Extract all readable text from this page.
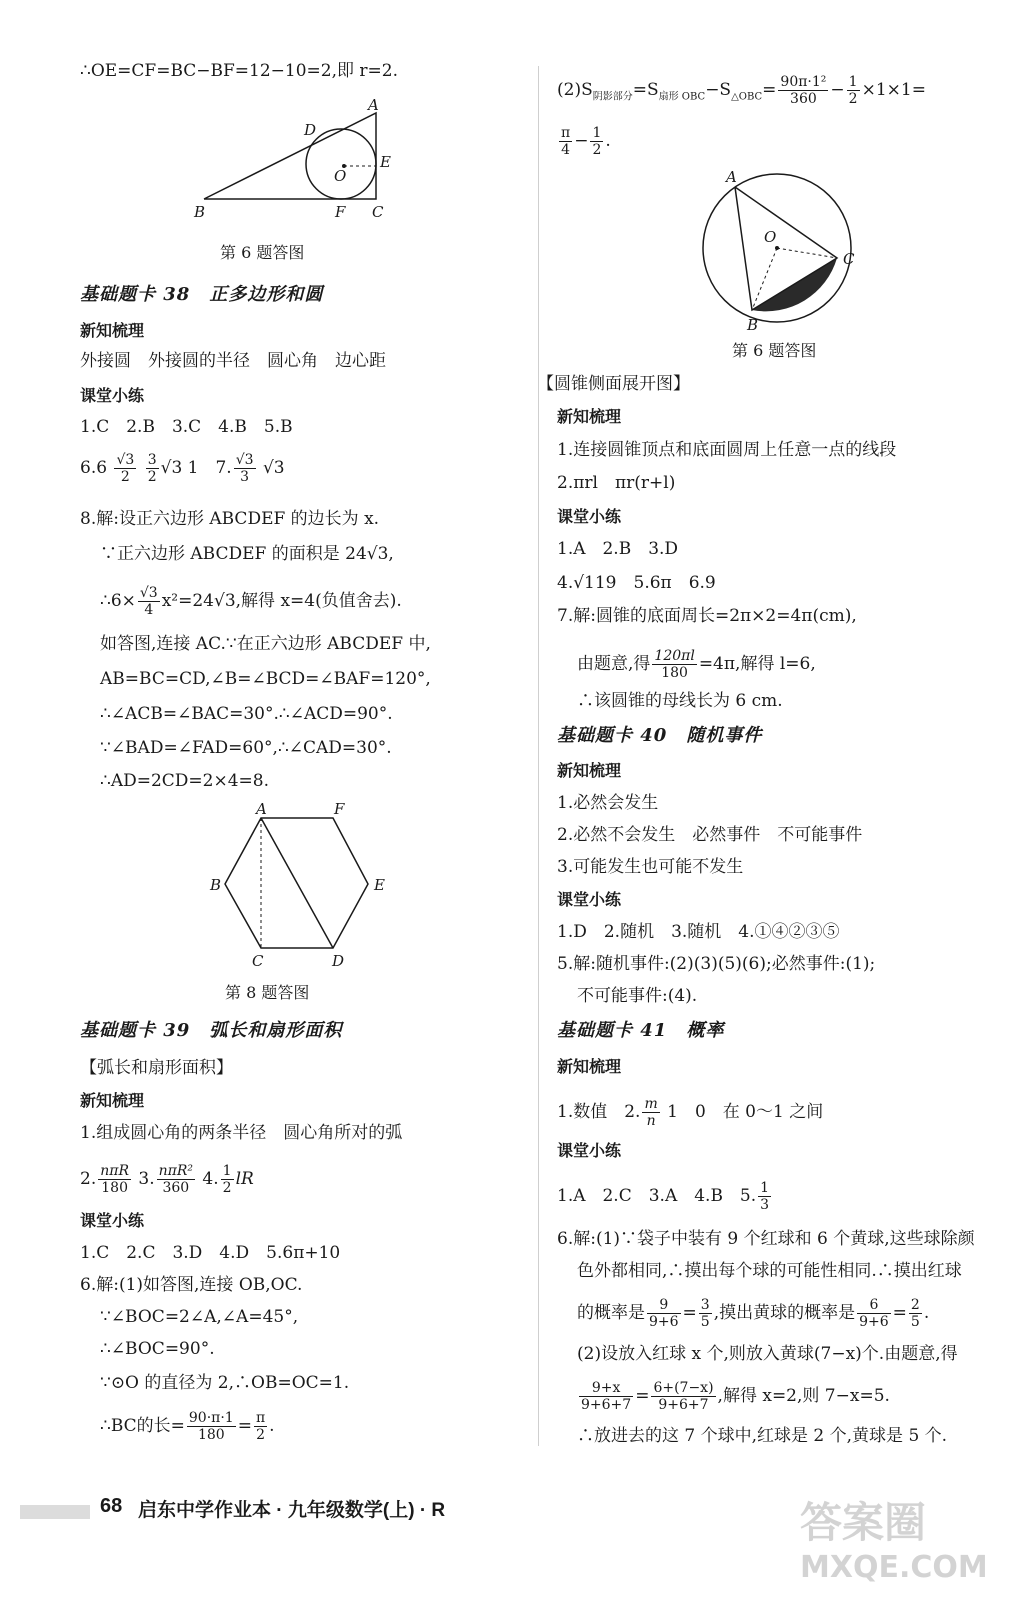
∴OE=CF=BC−BF=12−10=2,即 r=2.
A
B	C
D
E
F
O
第 6 题答图
基础题卡 38　正多边形和圆
新知梳理
外接圆　外接圆的半径　圆心角　边心距
课堂小练
1.C　2.B　3.C　4.B　5.B
$6.6 \frac{√3}{2}$
$\frac{3}{2} √3$ 1　7. $\frac{√3}{3} √3$
8.解:设正六边形 ABCDEF 的边长为 x.
∵正六边形 ABCDEF 的面积是 24√3,
∴6× $\frac{√3}{4} x^2=24√3$,解得 x=4(负值舍去).
如答图,连接 AC.∵在正六边形 ABCDEF 中,
AB=BC=CD,∠B=∠BCD=∠BAF=120°,
∴∠ACB=∠BAC=30°.∴∠ACD=90°.
∵∠BAD=∠FAD=60°,∴∠CAD=30°.
∴AD=2CD=2×4=8.
A	F
B	E
C	D
第 8 题答图
基础题卡 39　弧长和扇形面积
【弧长和扇形面积】
新知梳理
1.组成圆心角的两条半径　圆心角所对的弧
2. $\frac{\text{nπR}}{180} 3$. $\frac{\text{nπR²}}{360} 4$. $\frac{1}{2}$ lR
课堂小练
1.C　2.C　3.D　4.D　5.6π+10
6.解:(1)如答图,连接 OB,OC.
∵∠BOC=2∠A,∠A=45°,
∴∠BOC=90°.
∵⊙O 的直径为 2,∴OB=OC=1.
∴BC的长= $\frac{90\cdot\pi\cdot 1}{180} = \frac{\pi}{2}$ .
$(2)S_{阴影部分}=S_{扇形 OBC}-S_{\triangle OBC}= \frac{\text{90π·1²}}{360} - \frac{1}{2} \times 1\times 1=$
$\frac{\pi}{4} - \frac{1}{2}$ .
A
O
C
B
第 6 题答图
【圆锥侧面展开图】
新知梳理
1.连接圆锥顶点和底面圆周上任意一点的线段
2.πrl　πr(r+l)
课堂小练
1.A　2.B　3.D
4.√119　5.6π　6.9
7.解:圆锥的底面周长=2π×2=4π(cm),
由题意,得 $\frac{120\pi l}{180} =4\pi$,解得 l=6,
∴该圆锥的母线长为 6 cm.
基础题卡 40　随机事件
新知梳理
1.必然会发生
2.必然不会发生　必然事件　不可能事件
3.可能发生也可能不发生
课堂小练
1.D　2.随机　3.随机　4.①④②③⑤
5.解:随机事件:(2)(3)(5)(6);必然事件:(1);
不可能事件:(4).
基础题卡 41　概率
新知梳理
1.数值　2. $\frac{m}{n} 1$　0　在 0～1 之间
课堂小练
1.A　2.C　3.A　4.B　5. $\frac{1}{3}$
6.解:(1)∵袋子中装有 9 个红球和 6 个黄球,这些球除颜
色外都相同,∴摸出每个球的可能性相同.∴摸出红球
的概率是 $\frac{9}{9+6} = \frac{3}{5}$ ,摸出黄球的概率是 $\frac{6}{9+6} = \frac{2}{5}$ .
(2)设放入红球 x 个,则放入黄球(7−x)个.由题意,得
$\frac{9+x}{9+6+7} = \frac{6+(7-x)}{9+6+7}$ ,解得 x=2,则 7−x=5.
∴放进去的这 7 个球中,红球是 2 个,黄球是 5 个.
68 启东中学作业本 · 九年级数学(上) · R	答案圈
MXQE.COM
